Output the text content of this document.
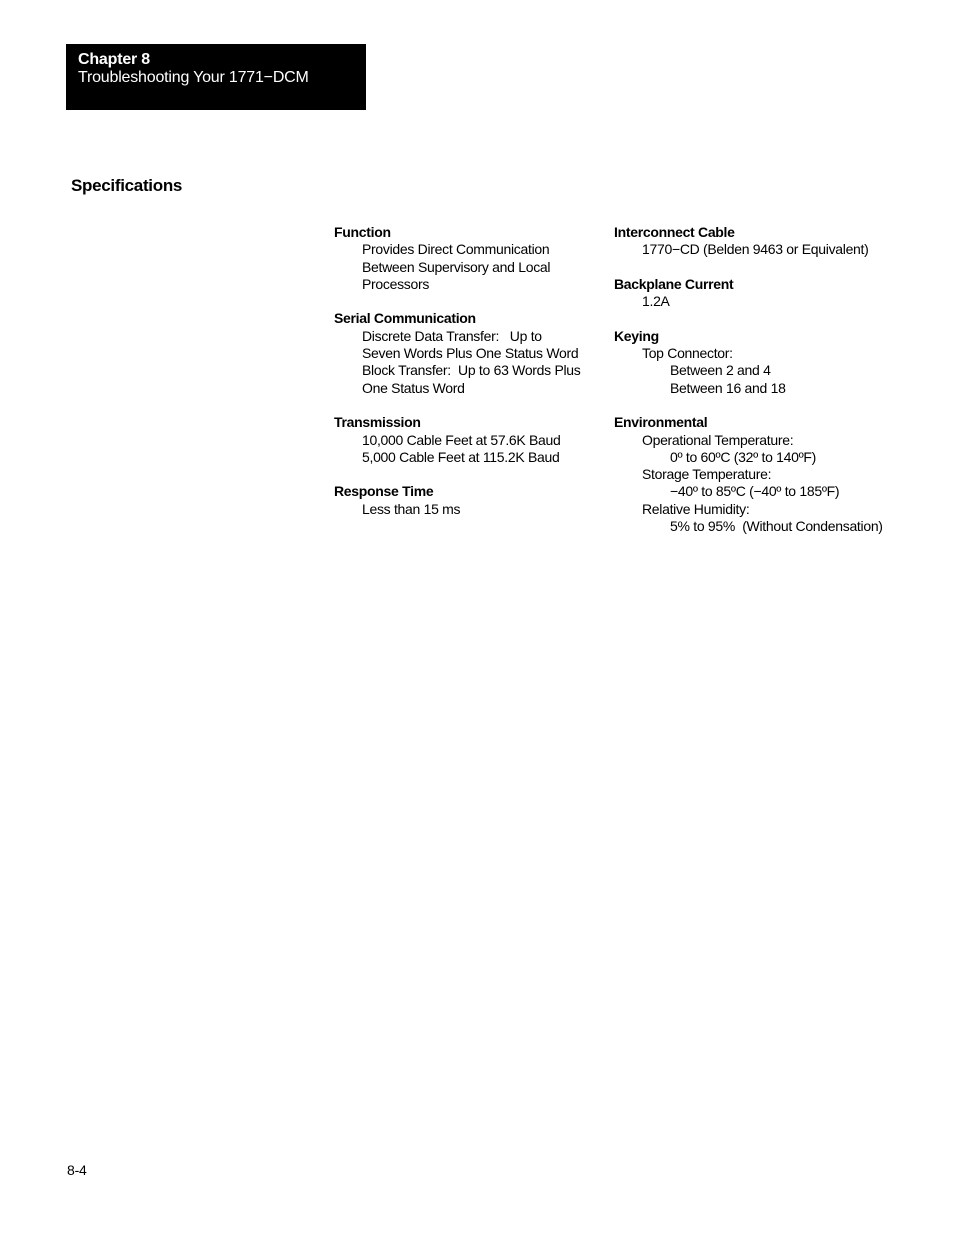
Chapter 8
Troubleshooting Your 1771−DCM
Specifications
Function
Provides Direct Communication
Between Supervisory and Local
Processors
Serial Communication
Discrete Data Transfer:   Up to
Seven Words Plus One Status Word
Block Transfer:  Up to 63 Words Plus
One Status Word
Transmission
10,000 Cable Feet at 57.6K Baud
5,000 Cable Feet at 115.2K Baud
Response Time
Less than 15 ms
Interconnect Cable
1770−CD (Belden 9463 or Equivalent)
Backplane Current
1.2A
Keying
Top Connector:
Between 2 and 4
Between 16 and 18
Environmental
Operational Temperature:
0º to 60ºC (32º to 140ºF)
Storage Temperature:
−40º to 85ºC (−40º to 185ºF)
Relative Humidity:
5% to 95%  (Without Condensation)
8-4
